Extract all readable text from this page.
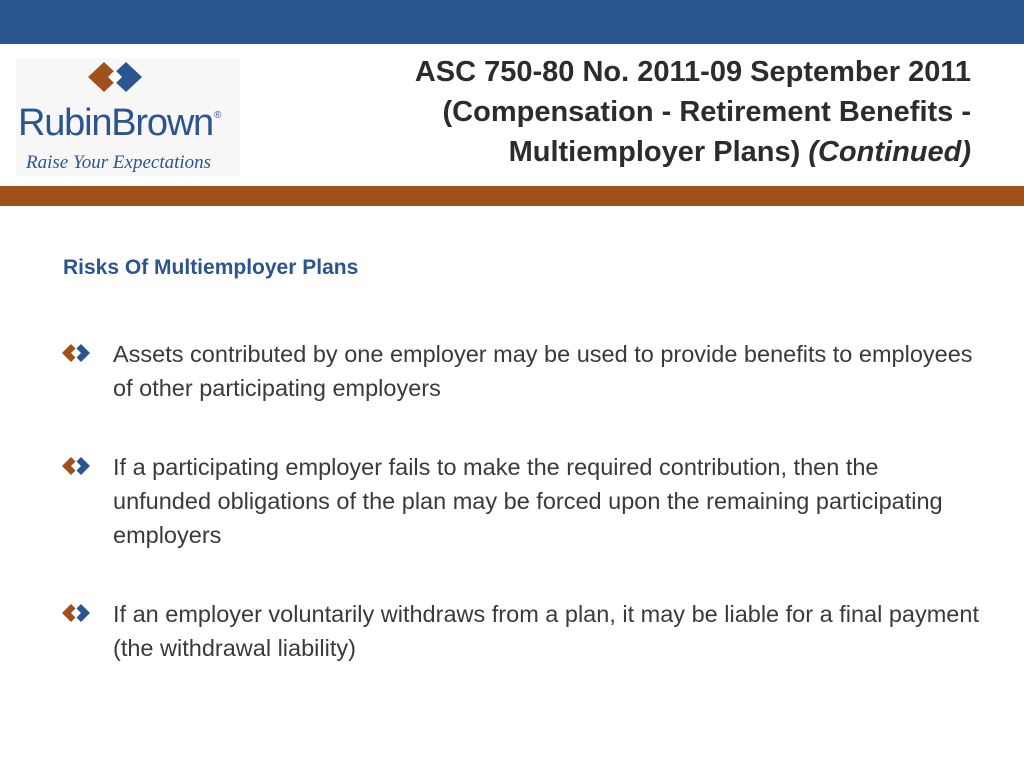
RubinBrown®
Raise Your Expectations
ASC 750-80 No. 2011-09 September 2011
(Compensation - Retirement Benefits -
Multiemployer Plans) (Continued)
Risks Of Multiemployer Plans
Assets contributed by one employer may be used to provide benefits to employees of other participating employers
If a participating employer fails to make the required contribution, then the unfunded obligations of the plan may be forced upon the remaining participating employers
If an employer voluntarily withdraws from a plan, it may be liable for a final payment (the withdrawal liability)
